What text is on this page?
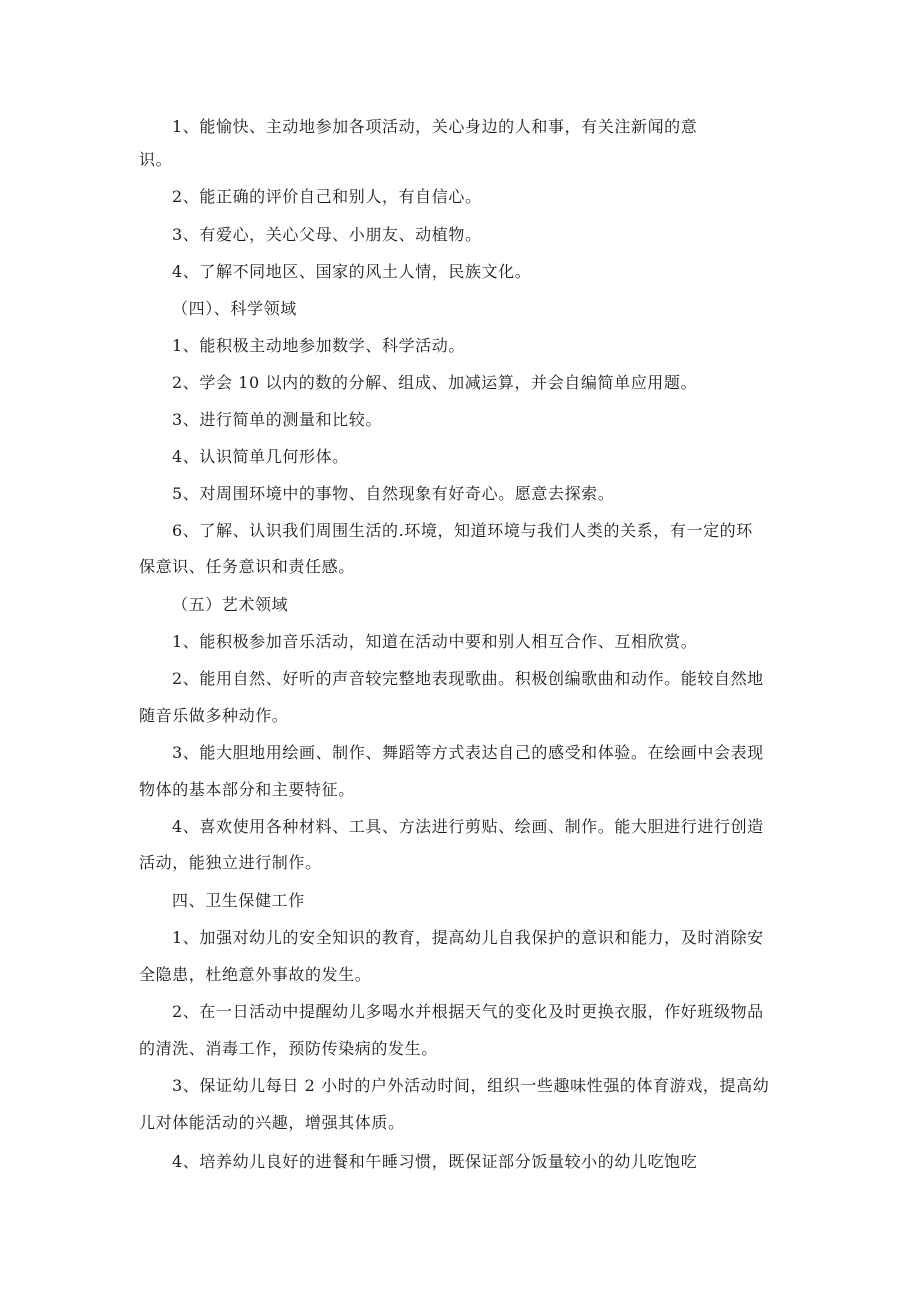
1、能愉快、主动地参加各项活动，关心身边的人和事，有关注新闻的意
识。
2、能正确的评价自己和别人，有自信心。
3、有爱心，关心父母、小朋友、动植物。
4、了解不同地区、国家的风土人情，民族文化。
（四）、科学领域
1、能积极主动地参加数学、科学活动。
2、学会 10 以内的数的分解、组成、加减运算，并会自编简单应用题。
3、进行简单的测量和比较。
4、认识简单几何形体。
5、对周围环境中的事物、自然现象有好奇心。愿意去探索。
6、了解、认识我们周围生活的.环境，知道环境与我们人类的关系，有一定的环
保意识、任务意识和责任感。
（五）艺术领域
1、能积极参加音乐活动，知道在活动中要和别人相互合作、互相欣赏。
2、能用自然、好听的声音较完整地表现歌曲。积极创编歌曲和动作。能较自然地
随音乐做多种动作。
3、能大胆地用绘画、制作、舞蹈等方式表达自己的感受和体验。在绘画中会表现
物体的基本部分和主要特征。
4、喜欢使用各种材料、工具、方法进行剪贴、绘画、制作。能大胆进行进行创造
活动，能独立进行制作。
四、卫生保健工作
1、加强对幼儿的安全知识的教育，提高幼儿自我保护的意识和能力，及时消除安
全隐患，杜绝意外事故的发生。
2、在一日活动中提醒幼儿多喝水并根据天气的变化及时更换衣服，作好班级物品
的清洗、消毒工作，预防传染病的发生。
3、保证幼儿每日 2 小时的户外活动时间，组织一些趣味性强的体育游戏，提高幼
儿对体能活动的兴趣，增强其体质。
4、培养幼儿良好的进餐和午睡习惯，既保证部分饭量较小的幼儿吃饱吃
